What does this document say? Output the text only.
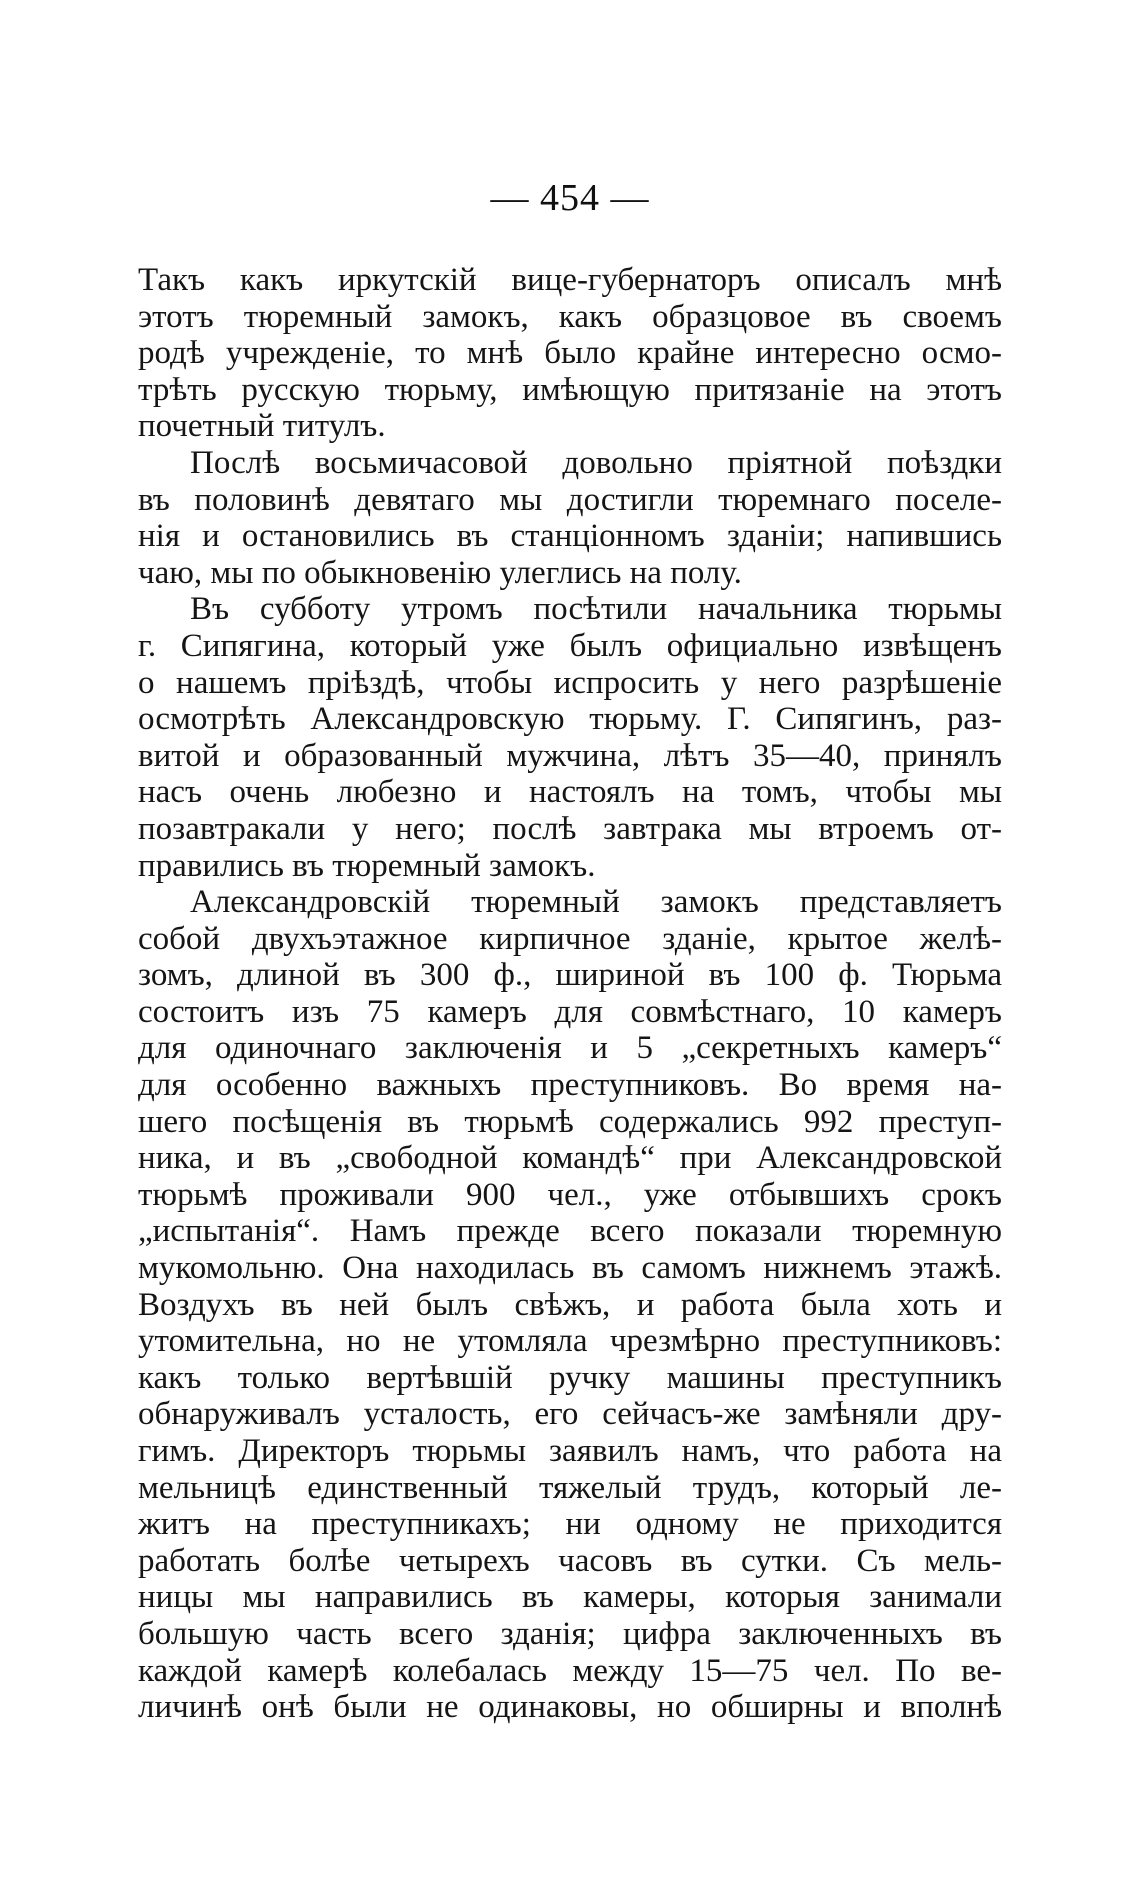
— 454 —
Такъ какъ иркутскій вице-губернаторъ описалъ мнѣ
этотъ тюремный замокъ, какъ образцовое въ своемъ
родѣ учрежденіе, то мнѣ было крайне интересно осмо-
трѣть русскую тюрьму, имѣющую притязаніе на этотъ
почетный титулъ.
Послѣ восьмичасовой довольно пріятной поѣздки
въ половинѣ девятаго мы достигли тюремнаго поселе-
нія и остановились въ станціонномъ зданіи; напившись
чаю, мы по обыкновенію улеглись на полу.
Въ субботу утромъ посѣтили начальника тюрьмы
г. Сипягина, который уже былъ официально извѣщенъ
о нашемъ пріѣздѣ, чтобы испросить у него разрѣшеніе
осмотрѣть Александровскую тюрьму. Г. Сипягинъ, раз-
витой и образованный мужчина, лѣтъ 35—40, принялъ
насъ очень любезно и настоялъ на томъ, чтобы мы
позавтракали у него; послѣ завтрака мы втроемъ от-
правились въ тюремный замокъ.
Александровскій тюремный замокъ представляетъ
собой двухъэтажное кирпичное зданіе, крытое желѣ-
зомъ, длиной въ 300 ф., шириной въ 100 ф. Тюрьма
состоитъ изъ 75 камеръ для совмѣстнаго, 10 камеръ
для одиночнаго заключенія и 5 „секретныхъ камеръ“
для особенно важныхъ преступниковъ. Во время на-
шего посѣщенія въ тюрьмѣ содержались 992 преступ-
ника, и въ „свободной командѣ“ при Александровской
тюрьмѣ проживали 900 чел., уже отбывшихъ срокъ
„испытанія“. Намъ прежде всего показали тюремную
мукомольню. Она находилась въ самомъ нижнемъ этажѣ.
Воздухъ въ ней былъ свѣжъ, и работа была хоть и
утомительна, но не утомляла чрезмѣрно преступниковъ:
какъ только вертѣвшій ручку машины преступникъ
обнаруживалъ усталость, его сейчасъ-же замѣняли дру-
гимъ. Директоръ тюрьмы заявилъ намъ, что работа на
мельницѣ единственный тяжелый трудъ, который ле-
житъ на преступникахъ; ни одному не приходится
работать болѣе четырехъ часовъ въ сутки. Съ мель-
ницы мы направились въ камеры, которыя занимали
большую часть всего зданія; цифра заключенныхъ въ
каждой камерѣ колебалась между 15—75 чел. По ве-
личинѣ онѣ были не одинаковы, но обширны и вполнѣ
